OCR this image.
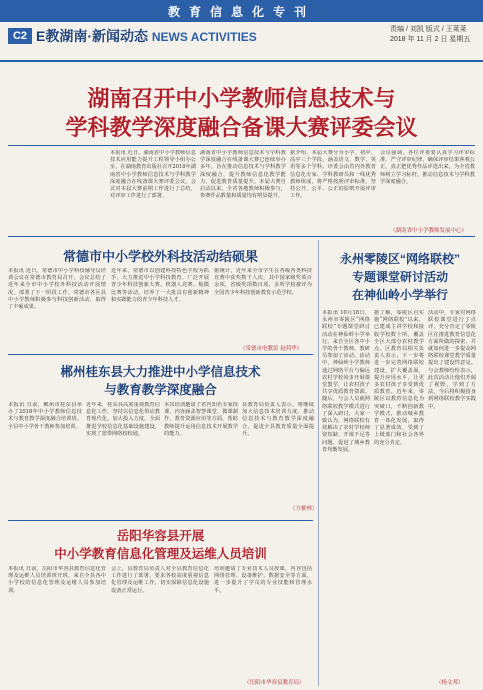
教育信息化专刊
C2 E教湖南·新闻动态 NEWS ACTIVITIES
责编 / 刘凯 版式 / 王莱莱
2018 年 11 月 2 日 星期五
湖南召开中小学教师信息技术与
学科教学深度融合备课大赛评委会议
本报讯 近日，湖南省中小学教师信息技术应用能力提升工程领导小组办公室、在湖南教育出版社召开2018年湖南省中小学教师信息技术与学科教学深度融合在线备课大赛评委会议。会议对本届大赛前期工作进行了总结，对评审工作进行了部署。
湖南省中小学教师信息技术与学科教学深度融合在线备课大赛已连续举办多年，旨在推动信息技术与学科教学深度融合，提升教师信息化教学能力，促进教育质量提升。本届大赛自启动以来，全省各地教师积极参与，参赛作品数量和质量均有明显提升。
据介绍，本届大赛分为小学、初中、高中三个学段，涵盖语文、数学、英语等多个学科。评委会由省内外教育信息化专家、学科教研员和一线优秀教师组成，将严格按照评审标准，坚持公开、公平、公正的原则开展评审工作。
会议强调，各位评委要认真学习评审标准，严守评审纪律，确保评审结果客观公正，真正把优秀作品评选出来，为全省教师树立学习标杆，推动信息技术与学科教学深度融合。
（湖南省中小学教师发展中心）
常德市中小学校外科技活动结硕果
本报讯 近日，常德市中小学科技辅导员培训会议在常德市教育局召开。会议总结了近年来全市中小学校外科技活动开展情况，部署了下一阶段工作。常德市各区县中小学教师积极参与科技创新活动，取得了丰硕成果。
近年来，常德市以创建科技特色学校为抓手，大力推进中小学科技教育，广泛开展青少年科技创新大赛、机器人竞赛、航模比赛等活动，培养了一大批具有创新精神和实践能力的青少年科技人才。
据统计，近年来全市学生在各级各类科技竞赛中获奖数千人次，其中国家级奖项百余项，省级奖项数百项，多所学校被评为全国青少年科技创新教育示范学校。
（常德市电教馆 赵荷华）
郴州桂东县大力推进中小学信息技术
与教育教学深度融合
本报讯 日前，郴州市桂东县举办了2018年中小学教师信息技术与教育教学深度融合培训班。全县中小学骨干教师参加培训。
近年来，桂东县高度重视教育信息化工作，坚持以信息化带动教育现代化，加大投入力度，全面推进学校信息化基础设施建设，实现了宽带网络校校通。
本次培训邀请了省内知名专家授课，内容涵盖智慧课堂、微课制作、教育资源应用等方面，帮助教师提升运用信息技术开展教学的能力。
县教育局负责人表示，将继续加大信息技术培训力度，推动信息技术与教育教学深度融合，促进全县教育质量全面提升。
（方雅林）
岳阳华容县开展
中小学教育信息化管理及运维人员培训
本报讯 日前，岳阳市华容县教育信息化管理及运维人员培训班开班。来自全县各中小学校的信息化管理及运维人员参加培训。
会上，县教育局负责人对全县教育信息化工作进行了部署，要求各校高度重视信息化管理及运维工作，切实保障信息化设施设备正常运行。
培训邀请了专业技术人员授课，内容包括网络管理、设备维护、数据安全等方面，进一步提升了学员的专业技能和管理水平。
（岳阳市华容县教育局）
永州零陵区“网络联校”
专题课堂研讨活动
在神仙岭小学举行
本报讯 10月18日，永州市零陵区“网络联校”专题课堂研讨活动在神仙岭小学举行。来自全区各中小学的骨干教师、教研员参加了活动。活动中，神仙岭小学教师通过网络平台与偏远农村学校同步开展课堂教学，让农村孩子共享优质教育资源。随后，与会人员就网络联校教学模式进行了深入研讨，大家一致认为，网络联校有效解决了农村学校师资短缺、开课不足等问题，促进了城乡教育均衡发展。
据了解，零陵区自实施“网络联校”以来，已建成主讲学校和接收学校数十所，覆盖全区大部分农村教学点。区教育局相关负责人表示，下一步将进一步完善网络联校建设，扩大覆盖面，提升应用水平，让更多农村孩子享受到优质教育。近年来，零陵区以教育信息化为突破口，不断创新教学模式，推动城乡教育一体化发展，取得了显著成效，受到了上级部门和社会各界的充分肯定。
活动中，专家对网络联校课堂进行了点评，充分肯定了零陵区在推进教育信息化方面所做的探索，并就如何进一步提高网络联校课堂教学质量提出了建设性意见。与会教师纷纷表示，此次活动让他们开阔了视野，学到了方法，今后将积极投身到网络联校教学实践中。
（杨文邦）
